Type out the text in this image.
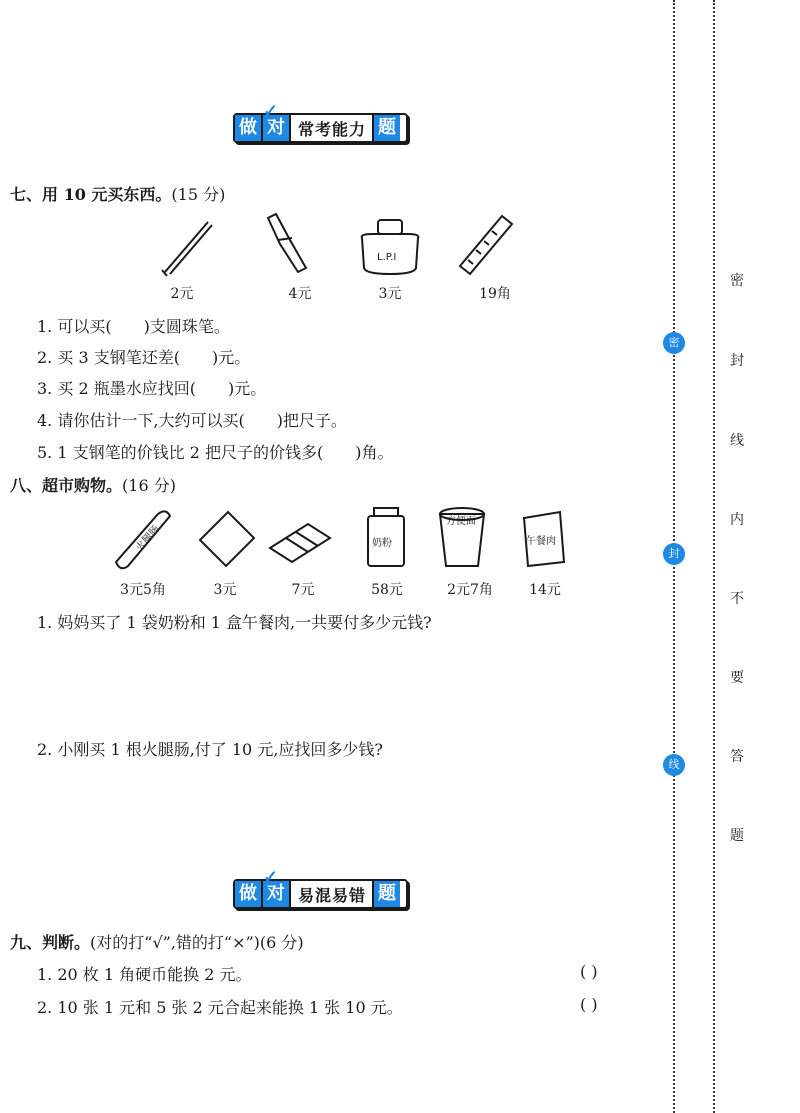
做 对
✓
常考能力 题
七、用 10 元买东西。(15 分)
L.P.I
2元	4元	3元	19角
1. 可以买( )支圆珠笔。
2. 买 3 支钢笔还差( )元。
3. 买 2 瓶墨水应找回( )元。
4. 请你估计一下,大约可以买( )把尺子。
5. 1 支钢笔的价钱比 2 把尺子的价钱多( )角。
八、超市购物。(16 分)
火腿肠	奶粉
方便面
午餐肉
3元5角	3元	7元	58元	2元7角	14元
1. 妈妈买了 1 袋奶粉和 1 盒午餐肉,一共要付多少元钱?
2. 小刚买 1 根火腿肠,付了 10 元,应找回多少钱?
做 对
✓
易混易错 题
九、判断。(对的打“√”,错的打“×”)(6 分)
1. 20 枚 1 角硬币能换 2 元。	( )
2. 10 张 1 元和 5 张 2 元合起来能换 1 张 10 元。	( )
密
封
线
密
封
线
内
不
要
答
题
